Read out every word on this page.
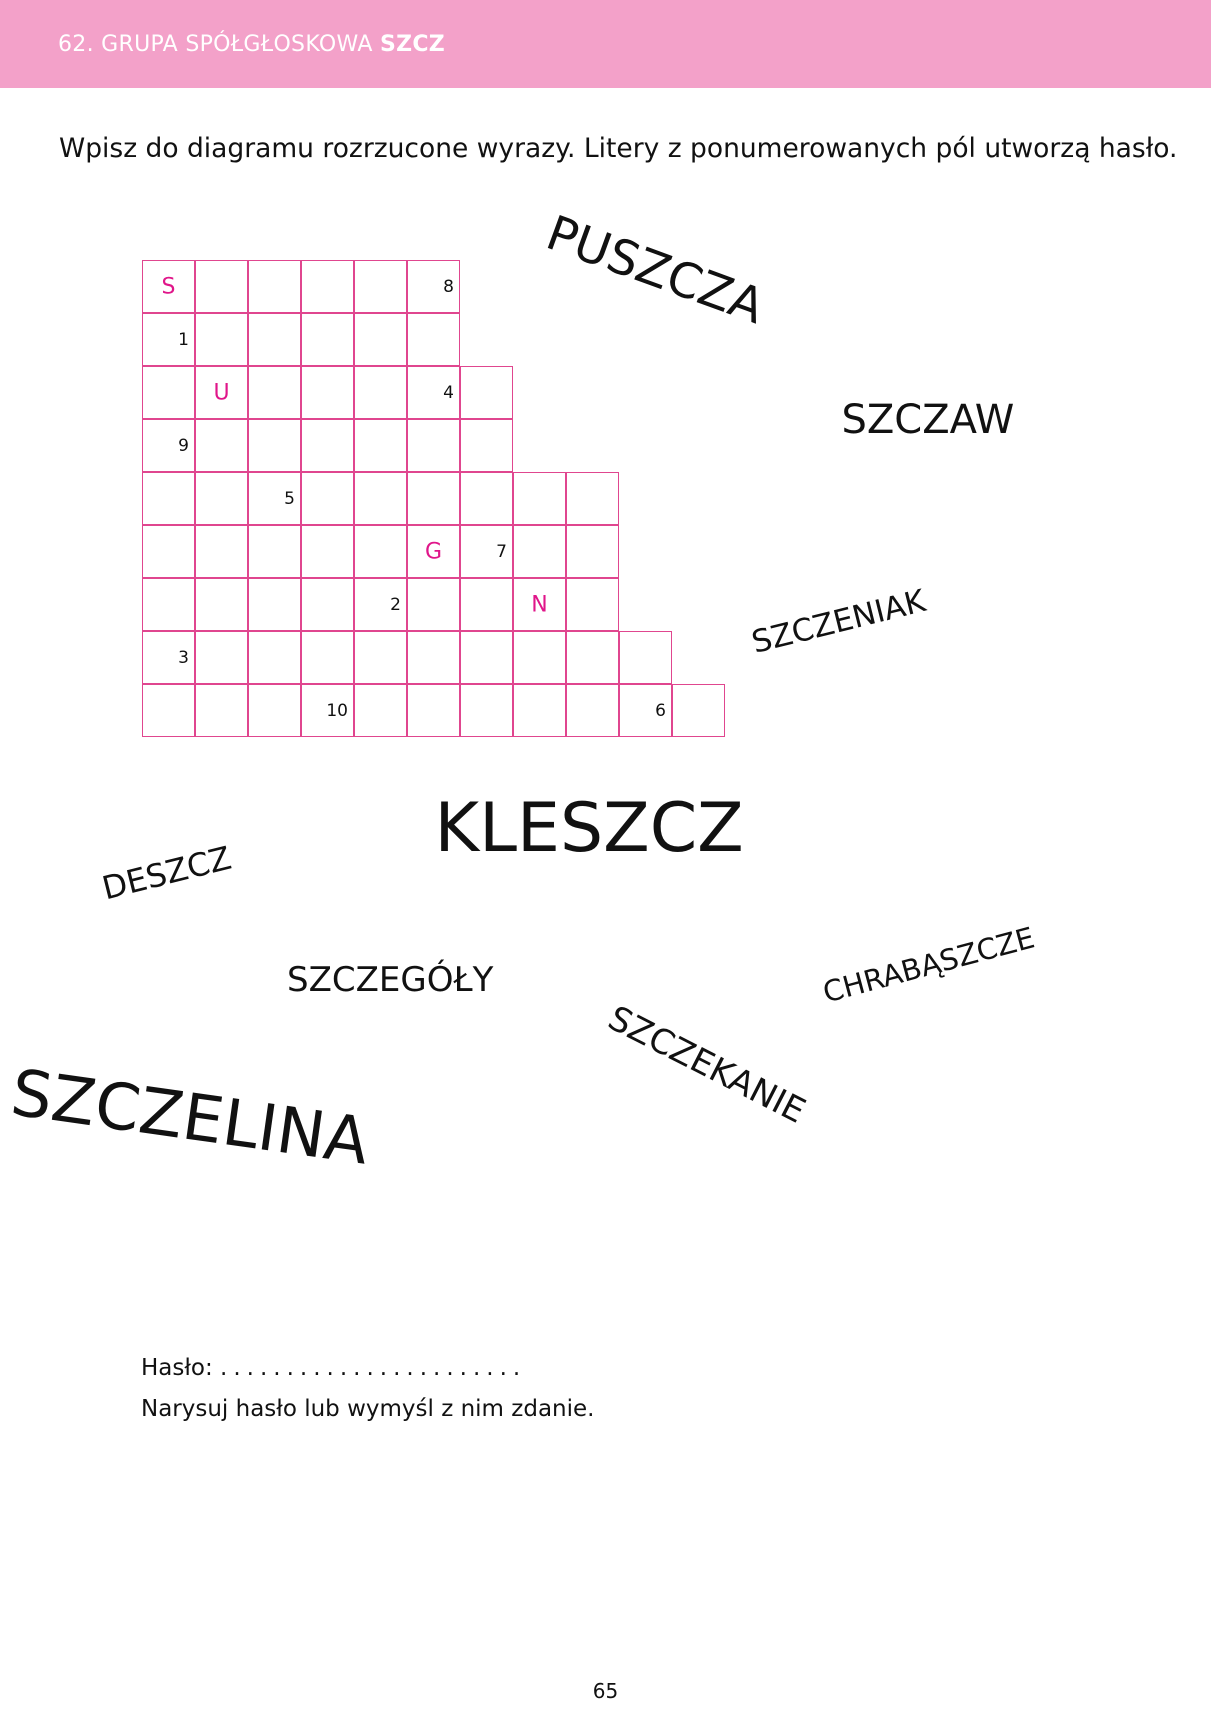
62. GRUPA SPÓŁGŁOSKOWA SZCZ
Wpisz do diagramu rozrzucone wyrazy. Litery z ponumerowanych pól utworzą hasło.
S	8
1
U	4
9
5
G	7
2	N
3
10	6
PUSZCZA
SZCZAW
SZCZENIAK
KLESZCZ
DESZCZ
SZCZEGÓŁY	CHRABĄSZCZE
SZCZEKANIE
SZCZELINA
Hasło: .......................
Narysuj hasło lub wymyśl z nim zdanie.
65
